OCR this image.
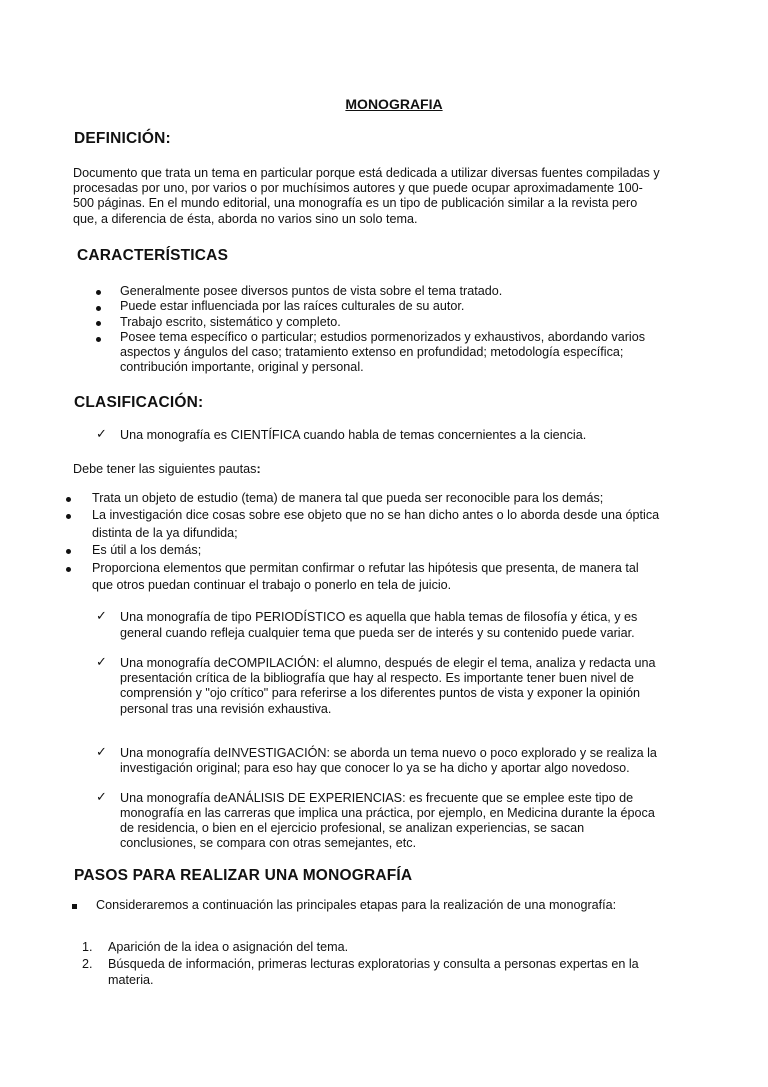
MONOGRAFIA
DEFINICIÓN:
Documento que trata un tema en particular porque está dedicada a utilizar diversas fuentes compiladas y
procesadas por uno, por varios o por muchísimos autores y que puede ocupar aproximadamente 100-
500 páginas. En el mundo editorial, una monografía es un tipo de publicación similar a la revista pero
que, a diferencia de ésta, aborda no varios sino un solo tema.
CARACTERÍSTICAS
Generalmente posee diversos puntos de vista sobre el tema tratado.
Puede estar influenciada por las raíces culturales de su autor.
Trabajo escrito, sistemático y completo.
Posee tema específico o particular; estudios pormenorizados y exhaustivos, abordando varios
aspectos y ángulos del caso; tratamiento extenso en profundidad; metodología específica;
contribución importante, original y personal.
CLASIFICACIÓN:
✓ Una monografía es CIENTÍFICA cuando habla de temas concernientes a la ciencia.
Debe tener las siguientes pautas:
Trata un objeto de estudio (tema) de manera tal que pueda ser reconocible para los demás;
La investigación dice cosas sobre ese objeto que no se han dicho antes o lo aborda desde una óptica
distinta de la ya difundida;
Es útil a los demás;
Proporciona elementos que permitan confirmar o refutar las hipótesis que presenta, de manera tal
que otros puedan continuar el trabajo o ponerlo en tela de juicio.
✓ Una monografía de tipo PERIODÍSTICO es aquella que habla temas de filosofía y ética, y es
general cuando refleja cualquier tema que pueda ser de interés y su contenido puede variar.
✓ Una monografía deCOMPILACIÓN: el alumno, después de elegir el tema, analiza y redacta una
presentación crítica de la bibliografía que hay al respecto. Es importante tener buen nivel de
comprensión y "ojo crítico" para referirse a los diferentes puntos de vista y exponer la opinión
personal tras una revisión exhaustiva.
✓ Una monografía deINVESTIGACIÓN: se aborda un tema nuevo o poco explorado y se realiza la
investigación original; para eso hay que conocer lo ya se ha dicho y aportar algo novedoso.
✓ Una monografía deANÁLISIS DE EXPERIENCIAS: es frecuente que se emplee este tipo de
monografía en las carreras que implica una práctica, por ejemplo, en Medicina durante la época
de residencia, o bien en el ejercicio profesional, se analizan experiencias, se sacan
conclusiones, se compara con otras semejantes, etc.
PASOS PARA REALIZAR UNA MONOGRAFÍA
Consideraremos a continuación las principales etapas para la realización de una monografía:
1. Aparición de la idea o asignación del tema.
2. Búsqueda de información, primeras lecturas exploratorias y consulta a personas expertas en la
materia.
